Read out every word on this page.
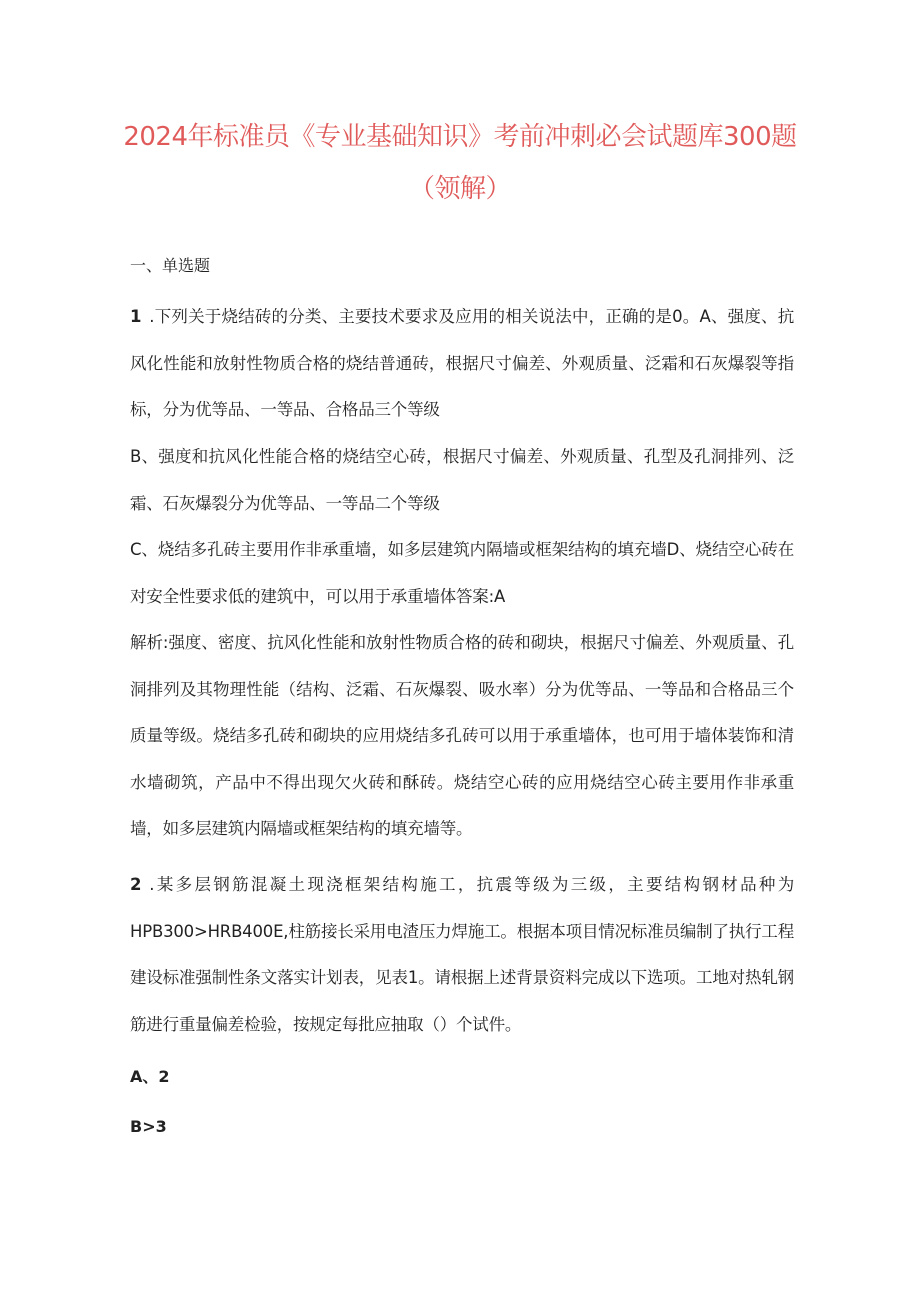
2024年标准员《专业基础知识》考前冲刺必会试题库300题
（领解）

一、单选题

1 .下列关于烧结砖的分类、主要技术要求及应用的相关说法中，正确的是0。A、强度、抗风化性能和放射性物质合格的烧结普通砖，根据尺寸偏差、外观质量、泛霜和石灰爆裂等指标，分为优等品、一等品、合格品三个等级

B、强度和抗风化性能合格的烧结空心砖，根据尺寸偏差、外观质量、孔型及孔洞排列、泛霜、石灰爆裂分为优等品、一等品二个等级

C、烧结多孔砖主要用作非承重墙，如多层建筑内隔墙或框架结构的填充墙D、烧结空心砖在对安全性要求低的建筑中，可以用于承重墙体答案:A

解析:强度、密度、抗风化性能和放射性物质合格的砖和砌块，根据尺寸偏差、外观质量、孔洞排列及其物理性能（结构、泛霜、石灰爆裂、吸水率）分为优等品、一等品和合格品三个质量等级。烧结多孔砖和砌块的应用烧结多孔砖可以用于承重墙体，也可用于墙体装饰和清水墙砌筑，产品中不得出现欠火砖和酥砖。烧结空心砖的应用烧结空心砖主要用作非承重墙，如多层建筑内隔墙或框架结构的填充墙等。

2 .某多层钢筋混凝土现浇框架结构施工，抗震等级为三级，主要结构钢材品种为HPB300>HRB400E,柱筋接长采用电渣压力焊施工。根据本项目情况标准员编制了执行工程建设标准强制性条文落实计划表，见表1。请根据上述背景资料完成以下选项。工地对热轧钢筋进行重量偏差检验，按规定每批应抽取（）个试件。

A、2

B>3
